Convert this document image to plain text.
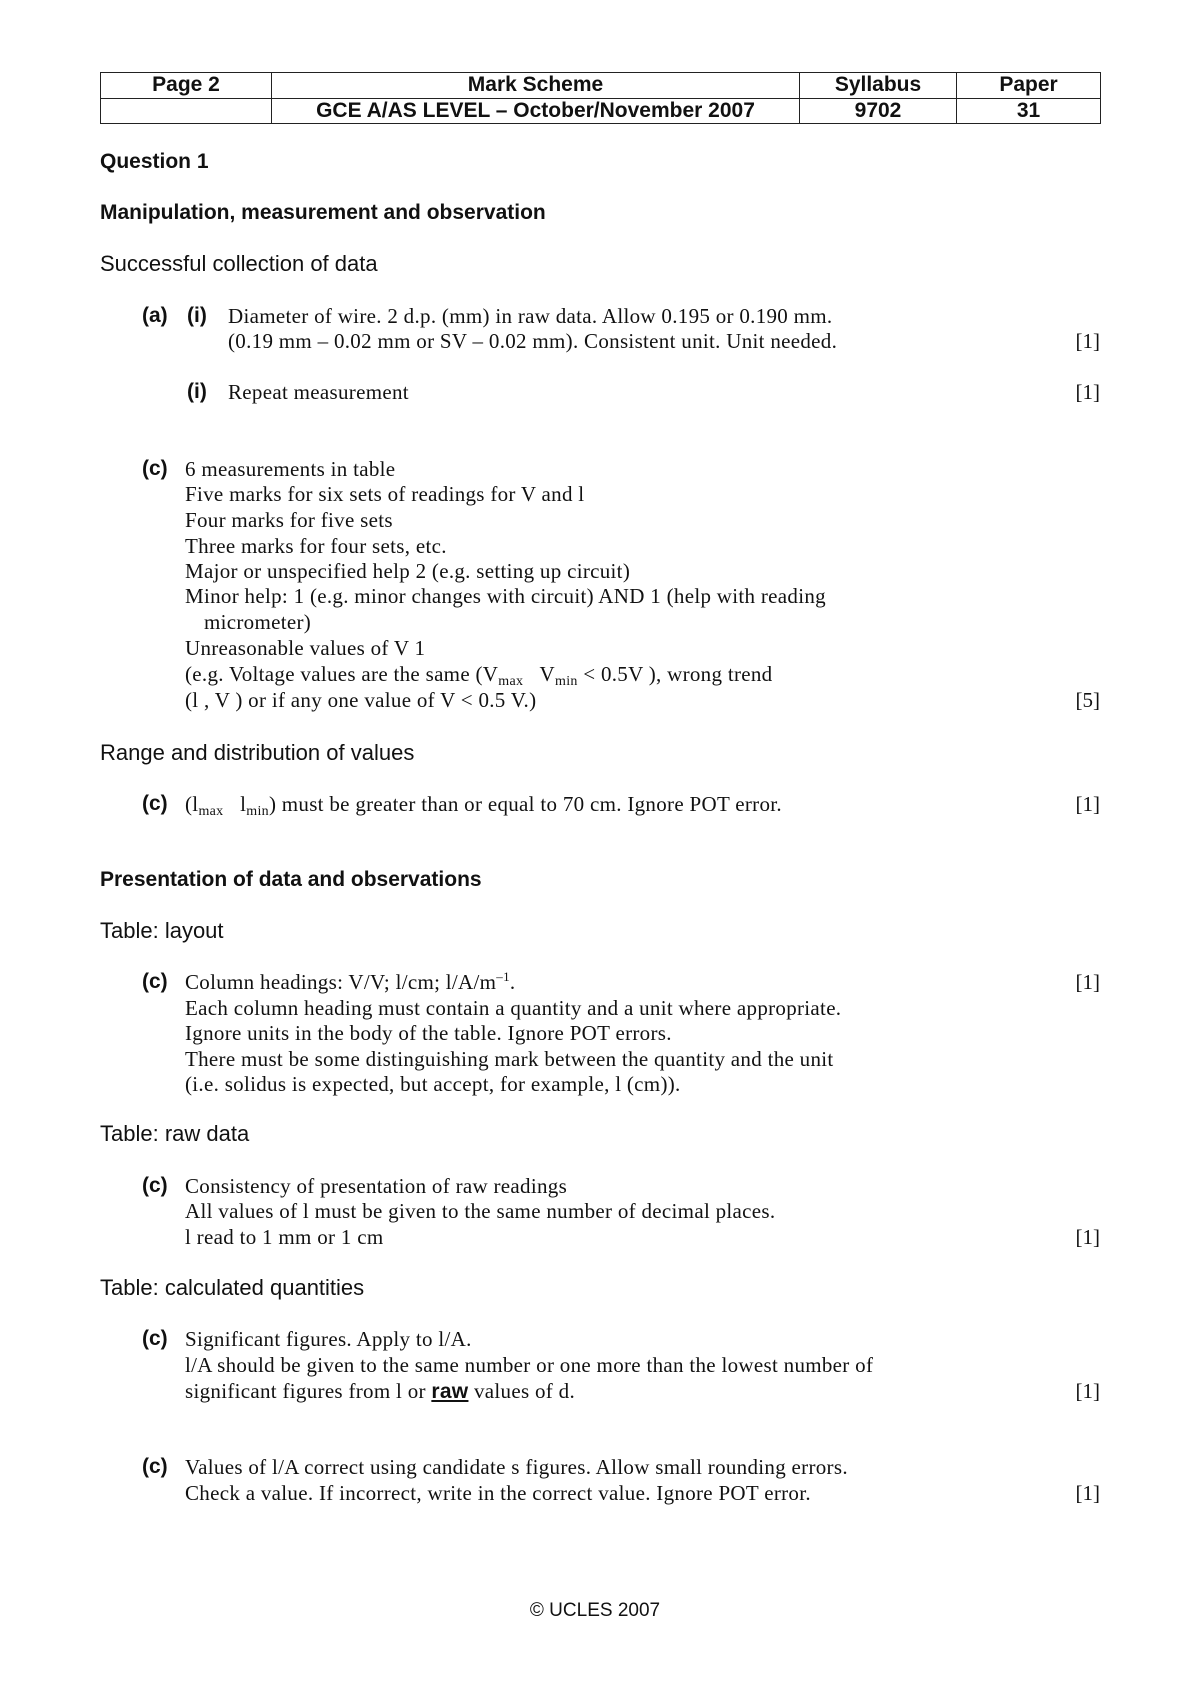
Page 2	Mark Scheme	Syllabus	Paper
	GCE A/AS LEVEL – October/November 2007	9702	31
Question 1
Manipulation, measurement and observation
Successful collection of data
(a) (i) Diameter of wire. 2 d.p. (mm) in raw data. Allow 0.195 or 0.190 mm.
(0.19 mm – 0.02 mm or SV – 0.02 mm). Consistent unit. Unit needed.	[1]
(i) Repeat measurement	[1]
(c) 6 measurements in table
Five marks for six sets of readings for V and l
Four marks for five sets
Three marks for four sets, etc.
Major or unspecified help 2 (e.g. setting up circuit)
Minor help: 1 (e.g. minor changes with circuit) AND 1 (help with reading
micrometer)
Unreasonable values of V 1
(e.g. Voltage values are the same ($V_{max}$   $V_{min} < 0.5V$ ), wrong trend
(l , V ) or if any one value of V < 0.5 V.)	[5]
Range and distribution of values
(c) ($l_{max}$   $l_{min}$) must be greater than or equal to 70 cm. Ignore POT error.	[1]
Presentation of data and observations
Table: layout
(c) Column headings: V/V; l/cm; $l/A/m^{-1}$.	[1]
Each column heading must contain a quantity and a unit where appropriate.
Ignore units in the body of the table. Ignore POT errors.
There must be some distinguishing mark between the quantity and the unit
(i.e. solidus is expected, but accept, for example, l (cm)).
Table: raw data
(c) Consistency of presentation of raw readings
All values of l must be given to the same number of decimal places.
l read to 1 mm or 1 cm	[1]
Table: calculated quantities
(c) Significant figures. Apply to l/A.
l/A should be given to the same number or one more than the lowest number of
significant figures from l or raw values of d.	[1]
(c) Values of l/A correct using candidate s figures. Allow small rounding errors.
Check a value. If incorrect, write in the correct value. Ignore POT error.	[1]
© UCLES 2007
